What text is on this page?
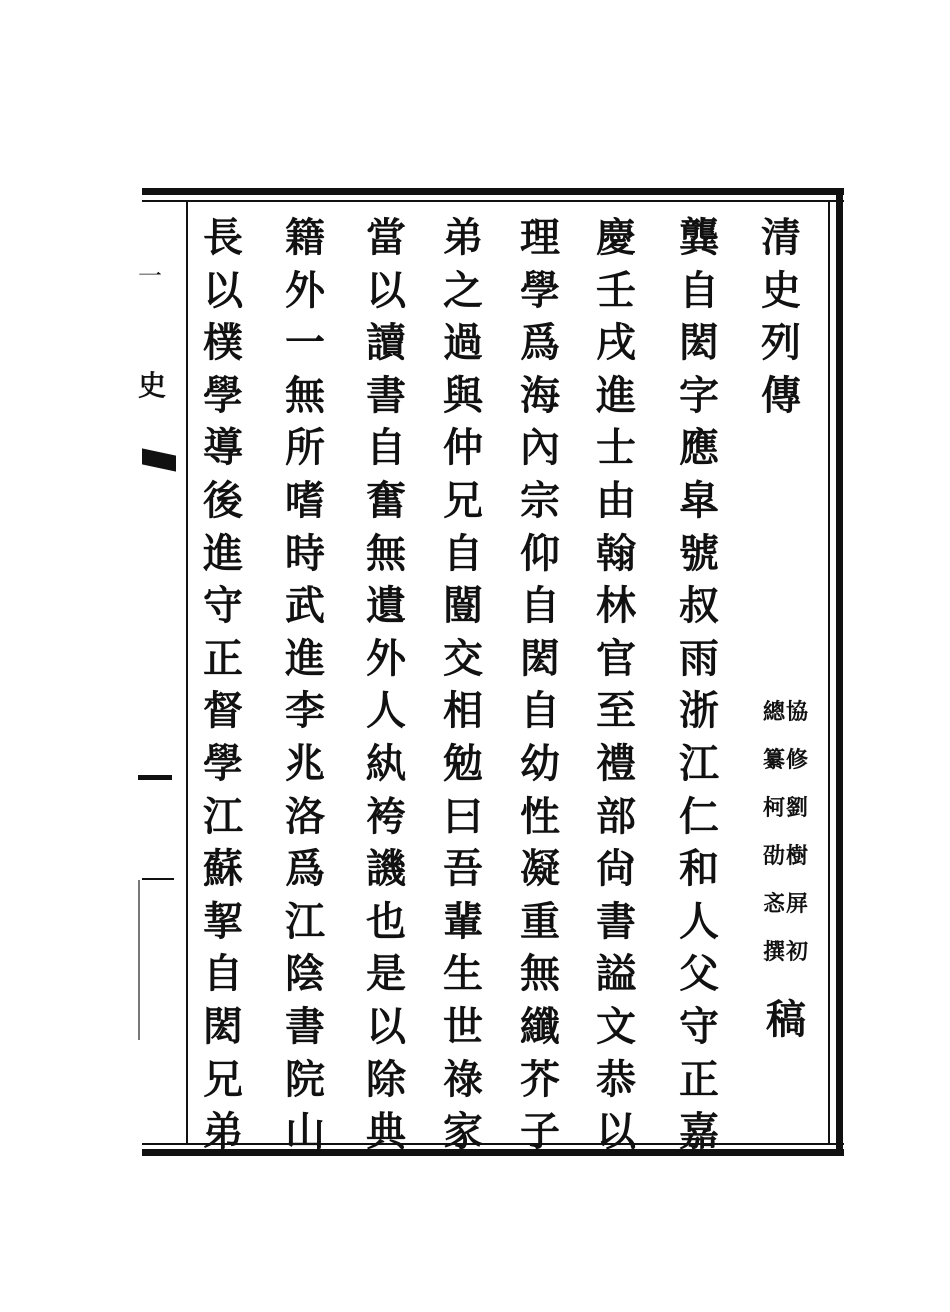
一
史
清
史
列
傳
總協
纂修
柯劉
劭樹
忞屏
撰初
稿
龔
自
閎
字
應
皐
號
叔
雨
浙
江
仁
和
人
父
守
正
嘉
慶
壬
戌
進
士
由
翰
林
官
至
禮
部
尙
書
謚
文
恭
以
理
學
爲
海
內
宗
仰
自
閎
自
幼
性
凝
重
無
纖
芥
子
弟
之
過
與
仲
兄
自
闓
交
相
勉
曰
吾
輩
生
世
祿
家
當
以
讀
書
自
奮
無
遺
外
人
紈
袴
譏
也
是
以
除
典
籍
外
一
無
所
嗜
時
武
進
李
兆
洛
爲
江
陰
書
院
山
長
以
樸
學
導
後
進
守
正
督
學
江
蘇
挈
自
閎
兄
弟
